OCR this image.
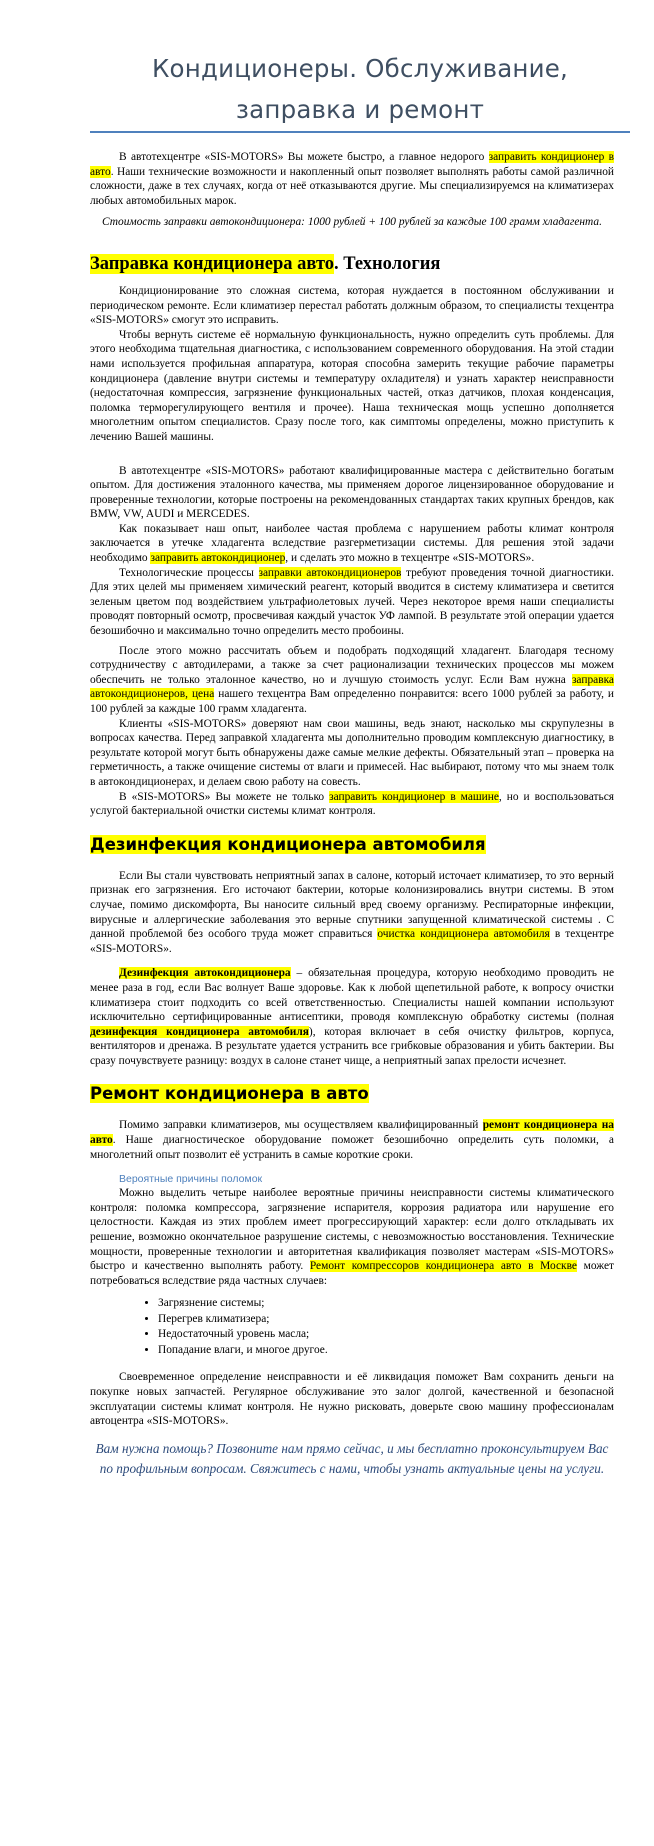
Кондиционеры. Обслуживание, заправка и ремонт

В автотехцентре «SIS-MOTORS» Вы можете быстро, а главное недорого заправить кондиционер в авто. Наши технические возможности и накопленный опыт позволяет выполнять работы самой различной сложности, даже в тех случаях, когда от неё отказываются другие. Мы специализируемся на климатизерах любых автомобильных марок.

Стоимость заправки автокондиционера: 1000 рублей + 100 рублей за каждые 100 грамм хладагента.

Заправка кондиционера авто. Технология

Кондиционирование это сложная система, которая нуждается в постоянном обслуживании и периодическом ремонте. Если климатизер перестал работать должным образом, то специалисты техцентра «SIS-MOTORS» смогут это исправить.

Чтобы вернуть системе её нормальную функциональность, нужно определить суть проблемы. Для этого необходима тщательная диагностика, с использованием современного оборудования. На этой стадии нами используется профильная аппаратура, которая способна замерить текущие рабочие параметры кондиционера (давление внутри системы и температуру охладителя) и узнать характер неисправности (недостаточная компрессия, загрязнение функциональных частей, отказ датчиков, плохая конденсация, поломка терморегулирующего вентиля и прочее). Наша техническая мощь успешно дополняется многолетним опытом специалистов. Сразу после того, как симптомы определены, можно приступить к лечению Вашей машины.

В автотехцентре «SIS-MOTORS» работают квалифицированные мастера с действительно богатым опытом. Для достижения эталонного качества, мы применяем дорогое лицензированное оборудование и проверенные технологии, которые построены на рекомендованных стандартах таких крупных брендов, как BMW, VW, AUDI и MERCEDES.

Как показывает наш опыт, наиболее частая проблема с нарушением работы климат контроля заключается в утечке хладагента вследствие разгерметизации системы. Для решения этой задачи необходимо заправить автокондиционер, и сделать это можно в техцентре «SIS-MOTORS».

Технологические процессы заправки автокондиционеров требуют проведения точной диагностики. Для этих целей мы применяем химический реагент, который вводится в систему климатизера и светится зеленым цветом под воздействием ультрафиолетовых лучей. Через некоторое время наши специалисты проводят повторный осмотр, просвечивая каждый участок УФ лампой. В результате этой операции удается безошибочно и максимально точно определить место пробоины.

После этого можно рассчитать объем и подобрать подходящий хладагент. Благодаря тесному сотрудничеству с автодилерами, а также за счет рационализации технических процессов мы можем обеспечить не только эталонное качество, но и лучшую стоимость услуг. Если Вам нужна заправка автокондиционеров, цена нашего техцентра Вам определенно понравится: всего 1000 рублей за работу, и 100 рублей за каждые 100 грамм хладагента.

Клиенты «SIS-MOTORS» доверяют нам свои машины, ведь знают, насколько мы скрупулезны в вопросах качества. Перед заправкой хладагента мы дополнительно проводим комплексную диагностику, в результате которой могут быть обнаружены даже самые мелкие дефекты. Обязательный этап – проверка на герметичность, а также очищение системы от влаги и примесей. Нас выбирают, потому что мы знаем толк в автокондиционерах, и делаем свою работу на совесть.

В «SIS-MOTORS» Вы можете не только заправить кондиционер в машине, но и воспользоваться услугой бактериальной очистки системы климат контроля.

Дезинфекция кондиционера автомобиля

Если Вы стали чувствовать неприятный запах в салоне, который источает климатизер, то это верный признак его загрязнения. Его источают бактерии, которые колонизировались внутри системы. В этом случае, помимо дискомфорта, Вы наносите сильный вред своему организму. Респираторные инфекции, вирусные и аллергические заболевания это верные спутники запущенной климатической системы . С данной проблемой без особого труда может справиться очистка кондиционера автомобиля в техцентре «SIS-MOTORS».

Дезинфекция автокондиционера – обязательная процедура, которую необходимо проводить не менее раза в год, если Вас волнует Ваше здоровье. Как к любой щепетильной работе, к вопросу очистки климатизера стоит подходить со всей ответственностью. Специалисты нашей компании используют исключительно сертифицированные антисептики, проводя комплексную обработку системы (полная дезинфекция кондиционера автомобиля), которая включает в себя очистку фильтров, корпуса, вентиляторов и дренажа. В результате удается устранить все грибковые образования и убить бактерии. Вы сразу почувствуете разницу: воздух в салоне станет чище, а неприятный запах прелости исчезнет.

Ремонт кондиционера в авто

Помимо заправки климатизеров, мы осуществляем квалифицированный ремонт кондиционера на авто. Наше диагностическое оборудование поможет безошибочно определить суть поломки, а многолетний опыт позволит её устранить в самые короткие сроки.

Вероятные причины поломок

Можно выделить четыре наиболее вероятные причины неисправности системы климатического контроля: поломка компрессора, загрязнение испарителя, коррозия радиатора или нарушение его целостности. Каждая из этих проблем имеет прогрессирующий характер: если долго откладывать их решение, возможно окончательное разрушение системы, с невозможностью восстановления. Технические мощности, проверенные технологии и авторитетная квалификация позволяет мастерам «SIS-MOTORS» быстро и качественно выполнять работу. Ремонт компрессоров кондиционера авто в Москве может потребоваться вследствие ряда частных случаев:

• Загрязнение системы;
• Перегрев климатизера;
• Недостаточный уровень масла;
• Попадание влаги, и многое другое.

Своевременное определение неисправности и её ликвидация поможет Вам сохранить деньги на покупке новых запчастей. Регулярное обслуживание это залог долгой, качественной и безопасной эксплуатации системы климат контроля. Не нужно рисковать, доверьте свою машину профессионалам автоцентра «SIS-MOTORS».

Вам нужна помощь? Позвоните нам прямо сейчас, и мы бесплатно проконсультируем Вас по профильным вопросам. Свяжитесь с нами, чтобы узнать актуальные цены на услуги.
